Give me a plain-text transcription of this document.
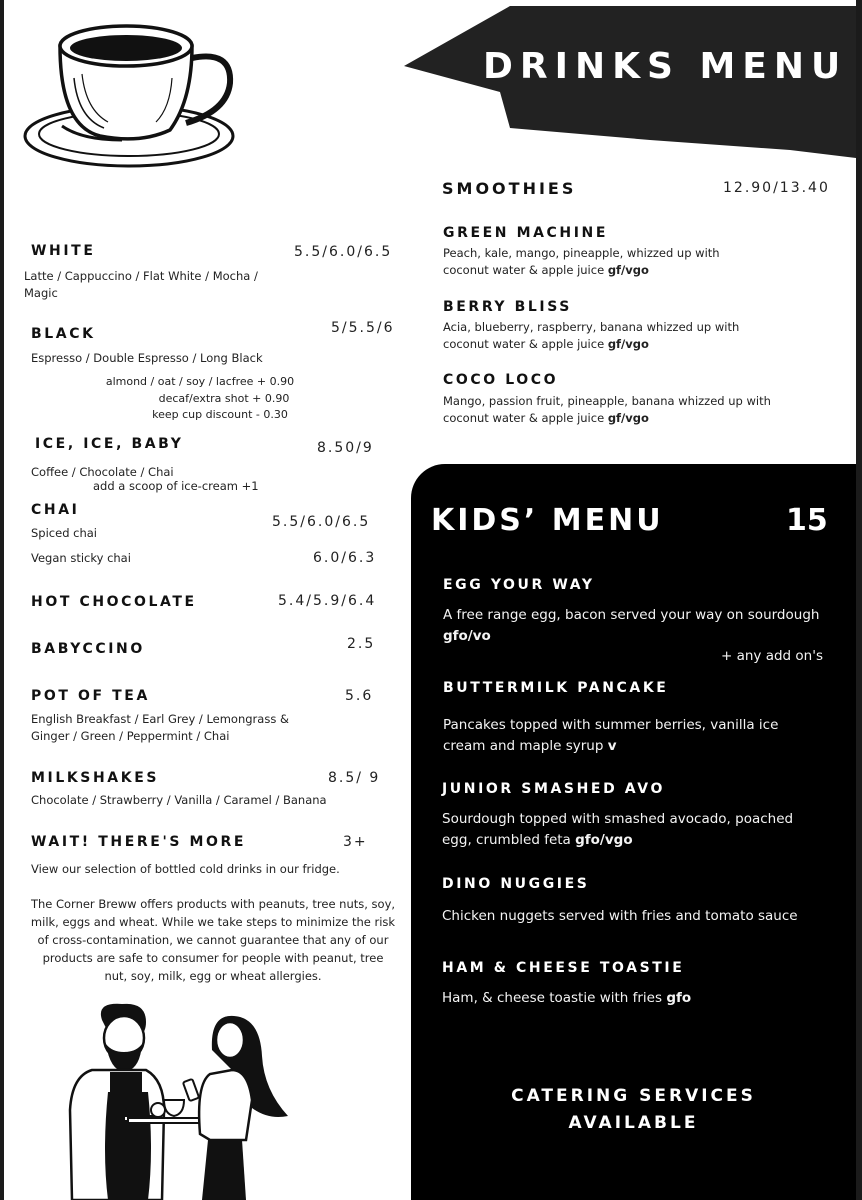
DRINKS MENU
SMOOTHIES	12.90/13.40
GREEN MACHINE
Peach, kale, mango, pineapple, whizzed up with coconut water & apple juice gf/vgo
BERRY BLISS
Acia, blueberry, raspberry, banana whizzed up with coconut water & apple juice gf/vgo
COCO LOCO
Mango, passion fruit, pineapple, banana whizzed up with coconut water & apple juice gf/vgo
WHITE	5.5/6.0/6.5
Latte / Cappuccino / Flat White / Mocha / Magic
BLACK	5/5.5/6
Espresso / Double Espresso / Long Black
almond / oat / soy / lacfree + 0.90
decaf/extra shot + 0.90
keep cup discount - 0.30
ICE, ICE, BABY	8.50/9
Coffee / Chocolate / Chai
add a scoop of ice-cream +1
CHAI
Spiced chai
5.5/6.0/6.5
Vegan sticky chai	6.0/6.3
HOT CHOCOLATE	5.4/5.9/6.4
BABYCCINO	2.5
POT OF TEA	5.6
English Breakfast / Earl Grey / Lemongrass & Ginger / Green / Peppermint / Chai
MILKSHAKES	8.5/ 9
Chocolate / Strawberry / Vanilla / Caramel / Banana
WAIT! THERE'S MORE	3+
View our selection of bottled cold drinks in our fridge.
The Corner Breww offers products with peanuts, tree nuts, soy, milk, eggs and wheat. While we take steps to minimize the risk of cross-contamination, we cannot guarantee that any of our products are safe to consumer for people with peanut, tree nut, soy, milk, egg or wheat allergies.
KIDS’ MENU	15
EGG YOUR WAY
A free range egg, bacon served your way on sourdough
gfo/vo
+ any add on's
BUTTERMILK PANCAKE
Pancakes topped with summer berries, vanilla ice cream and maple syrup v
JUNIOR SMASHED AVO
Sourdough topped with smashed avocado, poached egg, crumbled feta gfo/vgo
DINO NUGGIES
Chicken nuggets served with fries and tomato sauce
HAM & CHEESE TOASTIE
Ham, & cheese toastie with fries gfo
CATERING SERVICES
AVAILABLE
